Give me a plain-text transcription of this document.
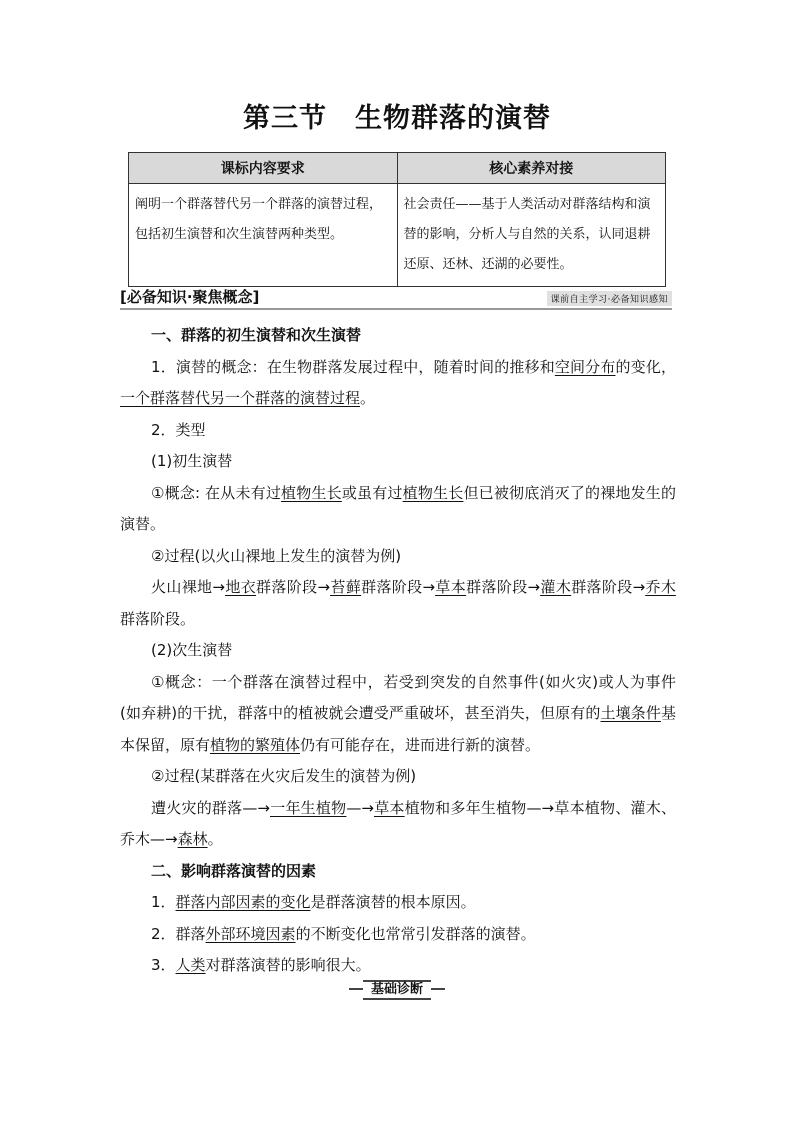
第三节　生物群落的演替
课标内容要求	核心素养对接
阐明一个群落替代另一个群落的演替过程，包括初生演替和次生演替两种类型。	社会责任——基于人类活动对群落结构和演替的影响，分析人与自然的关系，认同退耕还原、还林、还湖的必要性。
[必备知识·聚焦概念]	课前自主学习·必备知识感知

一、群落的初生演替和次生演替

1．演替的概念：在生物群落发展过程中，随着时间的推移和空间分布的变化，一个群落替代另一个群落的演替过程。

2．类型

(1)初生演替

①概念: 在从未有过植物生长或虽有过植物生长但已被彻底消灭了的裸地发生的演替。

②过程(以火山裸地上发生的演替为例)

火山裸地→地衣群落阶段→苔藓群落阶段→草本群落阶段→灌木群落阶段→乔木群落阶段。

(2)次生演替

①概念：一个群落在演替过程中，若受到突发的自然事件(如火灾)或人为事件(如弃耕)的干扰，群落中的植被就会遭受严重破坏，甚至消失，但原有的土壤条件基本保留，原有植物的繁殖体仍有可能存在，进而进行新的演替。

②过程(某群落在火灾后发生的演替为例)

遭火灾的群落—→一年生植物—→草本植物和多年生植物—→草本植物、灌木、乔木—→森林。

二、影响群落演替的因素

1．群落内部因素的变化是群落演替的根本原因。

2．群落外部环境因素的不断变化也常常引发群落的演替。

3．人类对群落演替的影响很大。

基础诊断
